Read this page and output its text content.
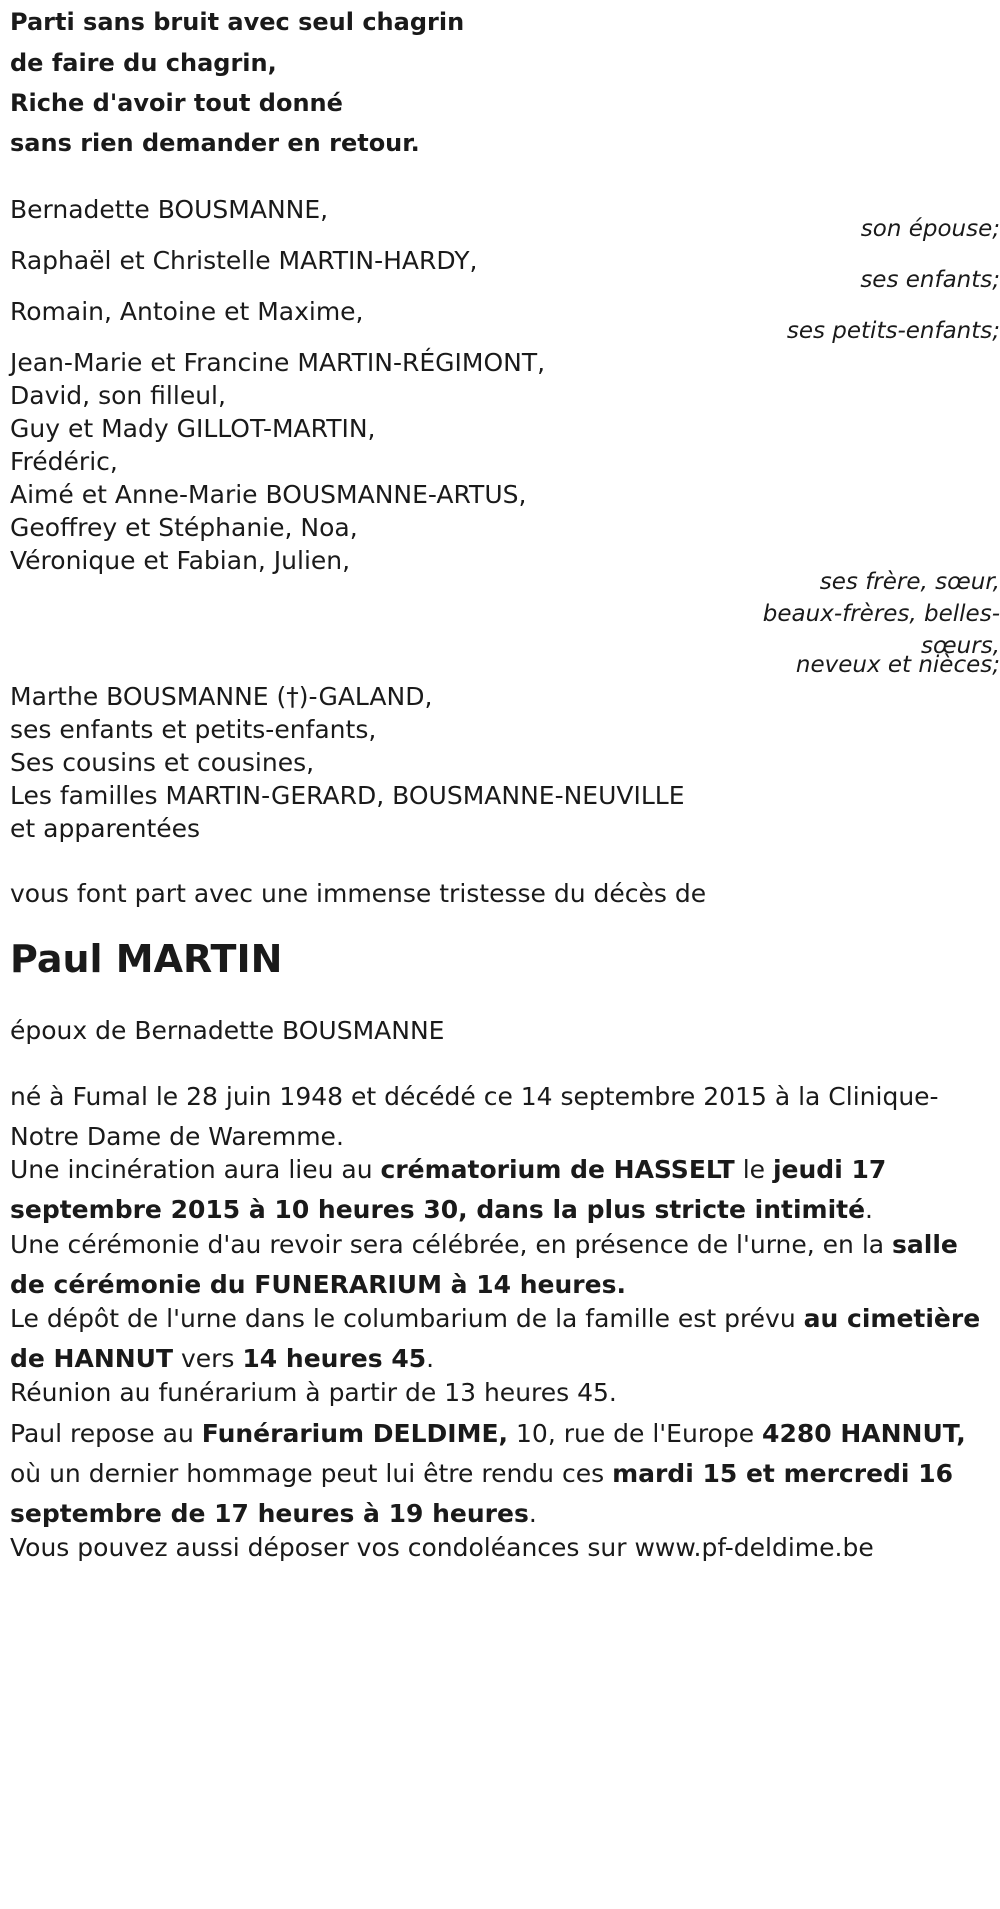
Parti sans bruit avec seul chagrin
de faire du chagrin,
Riche d'avoir tout donné
sans rien demander en retour.
Bernadette BOUSMANNE,
son épouse;
Raphaël et Christelle MARTIN-HARDY,
ses enfants;
Romain, Antoine et Maxime,
ses petits-enfants;
Jean-Marie et Francine MARTIN-RÉGIMONT,
David, son filleul,
Guy et Mady GILLOT-MARTIN,
Frédéric,
Aimé et Anne-Marie BOUSMANNE-ARTUS,
Geoffrey et Stéphanie, Noa,
Véronique et Fabian, Julien,
ses frère, sœur,
beaux-frères, belles-
sœurs,
neveux et nièces;
Marthe BOUSMANNE (†)-GALAND,
ses enfants et petits-enfants,
Ses cousins et cousines,
Les familles MARTIN-GERARD, BOUSMANNE-NEUVILLE
et apparentées
vous font part avec une immense tristesse du décès de
Paul MARTIN
époux de Bernadette BOUSMANNE
né à Fumal le 28 juin 1948 et décédé ce 14 septembre 2015 à la Clinique-Notre Dame de Waremme.
Une incinération aura lieu au crématorium de HASSELT le jeudi 17 septembre 2015 à 10 heures 30, dans la plus stricte intimité.
Une cérémonie d'au revoir sera célébrée, en présence de l'urne, en la salle de cérémonie du FUNERARIUM à 14 heures.
Le dépôt de l'urne dans le columbarium de la famille est prévu au cimetière de HANNUT vers 14 heures 45.
Réunion au funérarium à partir de 13 heures 45.
Paul repose au Funérarium DELDIME, 10, rue de l'Europe 4280 HANNUT, où un dernier hommage peut lui être rendu ces mardi 15 et mercredi 16 septembre de 17 heures à 19 heures.
Vous pouvez aussi déposer vos condoléances sur www.pf-deldime.be
